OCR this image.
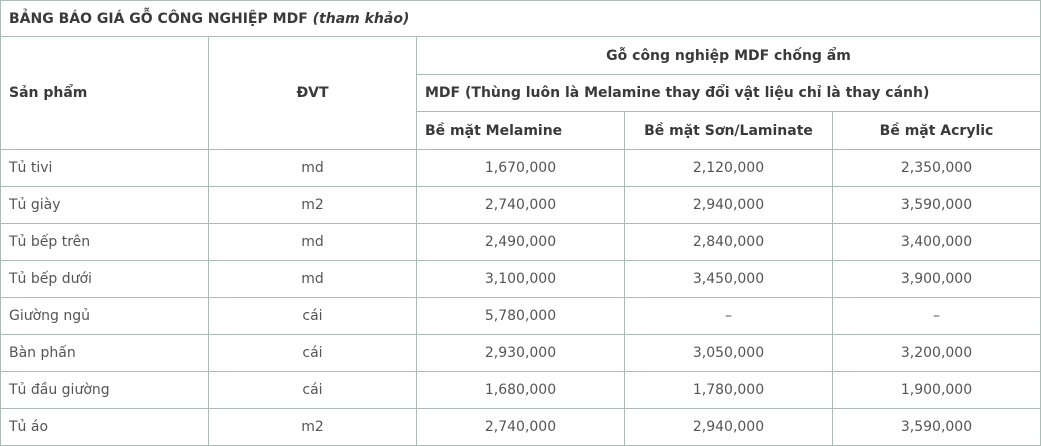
BẢNG BÁO GIÁ GỖ CÔNG NGHIỆP MDF (tham khảo)				
Sản phẩm	ĐVT	Gỗ công nghiệp MDF chống ẩm		
		MDF (Thùng luôn là Melamine thay đổi vật liệu chỉ là thay cánh)		
		Bề mặt Melamine	Bề mặt Sơn/Laminate	Bề mặt Acrylic
Tủ tivi	md	1,670,000	2,120,000	2,350,000
Tủ giày	m2	2,740,000	2,940,000	3,590,000
Tủ bếp trên	md	2,490,000	2,840,000	3,400,000
Tủ bếp dưới	md	3,100,000	3,450,000	3,900,000
Giường ngủ	cái	5,780,000	–	–
Bàn phấn	cái	2,930,000	3,050,000	3,200,000
Tủ đầu giường	cái	1,680,000	1,780,000	1,900,000
Tủ áo	m2	2,740,000	2,940,000	3,590,000
